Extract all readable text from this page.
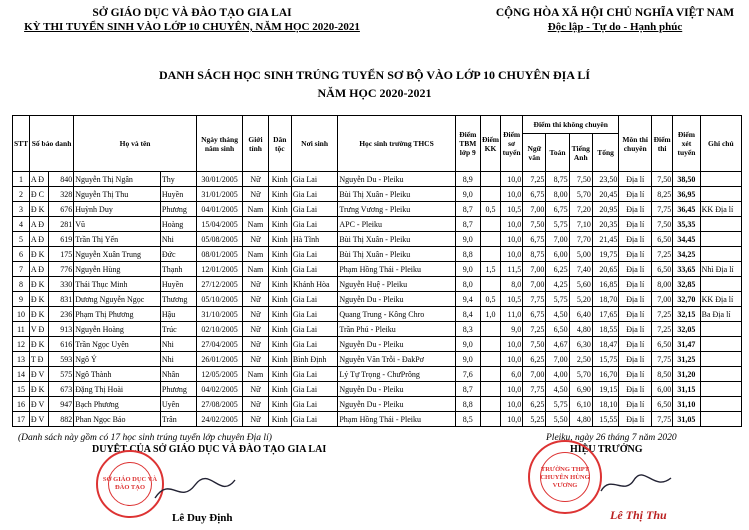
SỞ GIÁO DỤC VÀ ĐÀO TẠO GIA LAI
KỲ THI TUYỂN SINH VÀO LỚP 10 CHUYÊN, NĂM HỌC 2020-2021
CỘNG HÒA XÃ HỘI CHỦ NGHĨA VIỆT NAM
Độc lập - Tự do - Hạnh phúc
DANH SÁCH HỌC SINH TRÚNG TUYỂN SƠ BỘ VÀO LỚP 10 CHUYÊN ĐỊA LÍ
NĂM HỌC 2020-2021
STT	Số báo danh		Họ và tên		Ngày tháng năm sinh	Giới tính	Dân tộc	Nơi sinh	Học sinh trường THCS	Điểm TBM lớp 9	Điểm KK	Điểm sơ tuyển	Điểm thi không chuyên				Môn thi chuyên	Điểm thi	Điểm xét tuyển	Ghi chú
													Ngữ văn	Toán	Tiếng Anh	Tổng				
1	A Đ	840	Nguyễn Thị Ngân	Thy	30/01/2005	Nữ	Kinh	Gia Lai	Nguyễn Du - Pleiku	8,9		10,0	7,25	8,75	7,50	23,50	Địa lí	7,50	38,50	
2	Đ C	328	Nguyễn Thị Thu	Huyền	31/01/2005	Nữ	Kinh	Gia Lai	Bùi Thị Xuân - Pleiku	9,0		10,0	6,75	8,00	5,70	20,45	Địa lí	8,25	36,95	
3	Đ K	676	Huỳnh Duy	Phương	04/01/2005	Nam	Kinh	Gia Lai	Trưng Vương - Pleiku	8,7	0,5	10,5	7,00	6,75	7,20	20,95	Địa lí	7,75	36,45	KK Địa lí
4	A Đ	281	Vũ	Hoàng	15/04/2005	Nam	Kinh	Gia Lai	APC - Pleiku	8,7		10,0	7,50	5,75	7,10	20,35	Địa lí	7,50	35,35	
5	A Đ	619	Trần Thị Yến	Nhi	05/08/2005	Nữ	Kinh	Hà Tĩnh	Bùi Thị Xuân - Pleiku	9,0		10,0	6,75	7,00	7,70	21,45	Địa lí	6,50	34,45	
6	Đ K	175	Nguyễn Xuân Trung	Đức	08/01/2005	Nam	Kinh	Gia Lai	Bùi Thị Xuân - Pleiku	8,8		10,0	8,75	6,00	5,00	19,75	Địa lí	7,25	34,25	
7	A Đ	776	Nguyễn Hùng	Thạnh	12/01/2005	Nam	Kinh	Gia Lai	Phạm Hồng Thái - Pleiku	9,0	1,5	11,5	7,00	6,25	7,40	20,65	Địa lí	6,50	33,65	Nhì Địa lí
8	Đ K	330	Thái Thục Minh	Huyền	27/12/2005	Nữ	Kinh	Khánh Hòa	Nguyễn Huệ - Pleiku	8,0		8,0	7,00	4,25	5,60	16,85	Địa lí	8,00	32,85	
9	Đ K	831	Dương Nguyễn Ngọc	Thương	05/10/2005	Nữ	Kinh	Gia Lai	Nguyễn Du - Pleiku	9,4	0,5	10,5	7,75	5,75	5,20	18,70	Địa lí	7,00	32,70	KK Địa lí
10	Đ K	236	Phạm Thị Phương	Hậu	31/10/2005	Nữ	Kinh	Gia Lai	Quang Trung - Kông Chro	8,4	1,0	11,0	6,75	4,50	6,40	17,65	Địa lí	7,25	32,15	Ba Địa lí
11	V Đ	913	Nguyễn Hoàng	Trúc	02/10/2005	Nữ	Kinh	Gia Lai	Trần Phú - Pleiku	8,3		9,0	7,25	6,50	4,80	18,55	Địa lí	7,25	32,05	
12	Đ K	616	Trần Ngọc Uyên	Nhi	27/04/2005	Nữ	Kinh	Gia Lai	Nguyễn Du - Pleiku	9,0		10,0	7,50	4,67	6,30	18,47	Địa lí	6,50	31,47	
13	T Đ	593	Ngô Ý	Nhi	26/01/2005	Nữ	Kinh	Bình Định	Nguyễn Văn Trỗi - ĐakPơ	9,0		10,0	6,25	7,00	2,50	15,75	Địa lí	7,75	31,25	
14	Đ V	575	Ngô Thành	Nhân	12/05/2005	Nam	Kinh	Gia Lai	Lý Tự Trọng - ChưPrông	7,6		6,0	7,00	4,00	5,70	16,70	Địa lí	8,50	31,20	
15	Đ K	673	Đặng Thị Hoài	Phương	04/02/2005	Nữ	Kinh	Gia Lai	Nguyễn Du - Pleiku	8,7		10,0	7,75	4,50	6,90	19,15	Địa lí	6,00	31,15	
16	Đ V	947	Bạch Phương	Uyên	27/08/2005	Nữ	Kinh	Gia Lai	Nguyễn Du - Pleiku	8,8		10,0	6,25	5,75	6,10	18,10	Địa lí	6,50	31,10	
17	Đ V	882	Phan Ngọc Bảo	Trân	24/02/2005	Nữ	Kinh	Gia Lai	Phạm Hồng Thái - Pleiku	8,5		10,0	5,25	5,50	4,80	15,55	Địa lí	7,75	31,05	
(Danh sách này gồm có 17 học sinh trúng tuyển lớp chuyên Địa lí)	Pleiku, ngày 26 tháng 7 năm 2020
DUYỆT CỦA SỞ GIÁO DỤC VÀ ĐÀO TẠO GIA LAI	HIỆU TRƯỞNG
SỞ GIÁO DỤC VÀ ĐÀO TẠO
TRƯỜNG THPT CHUYÊN HÙNG VƯƠNG
Lê Duy Định	Lê Thị Thu
